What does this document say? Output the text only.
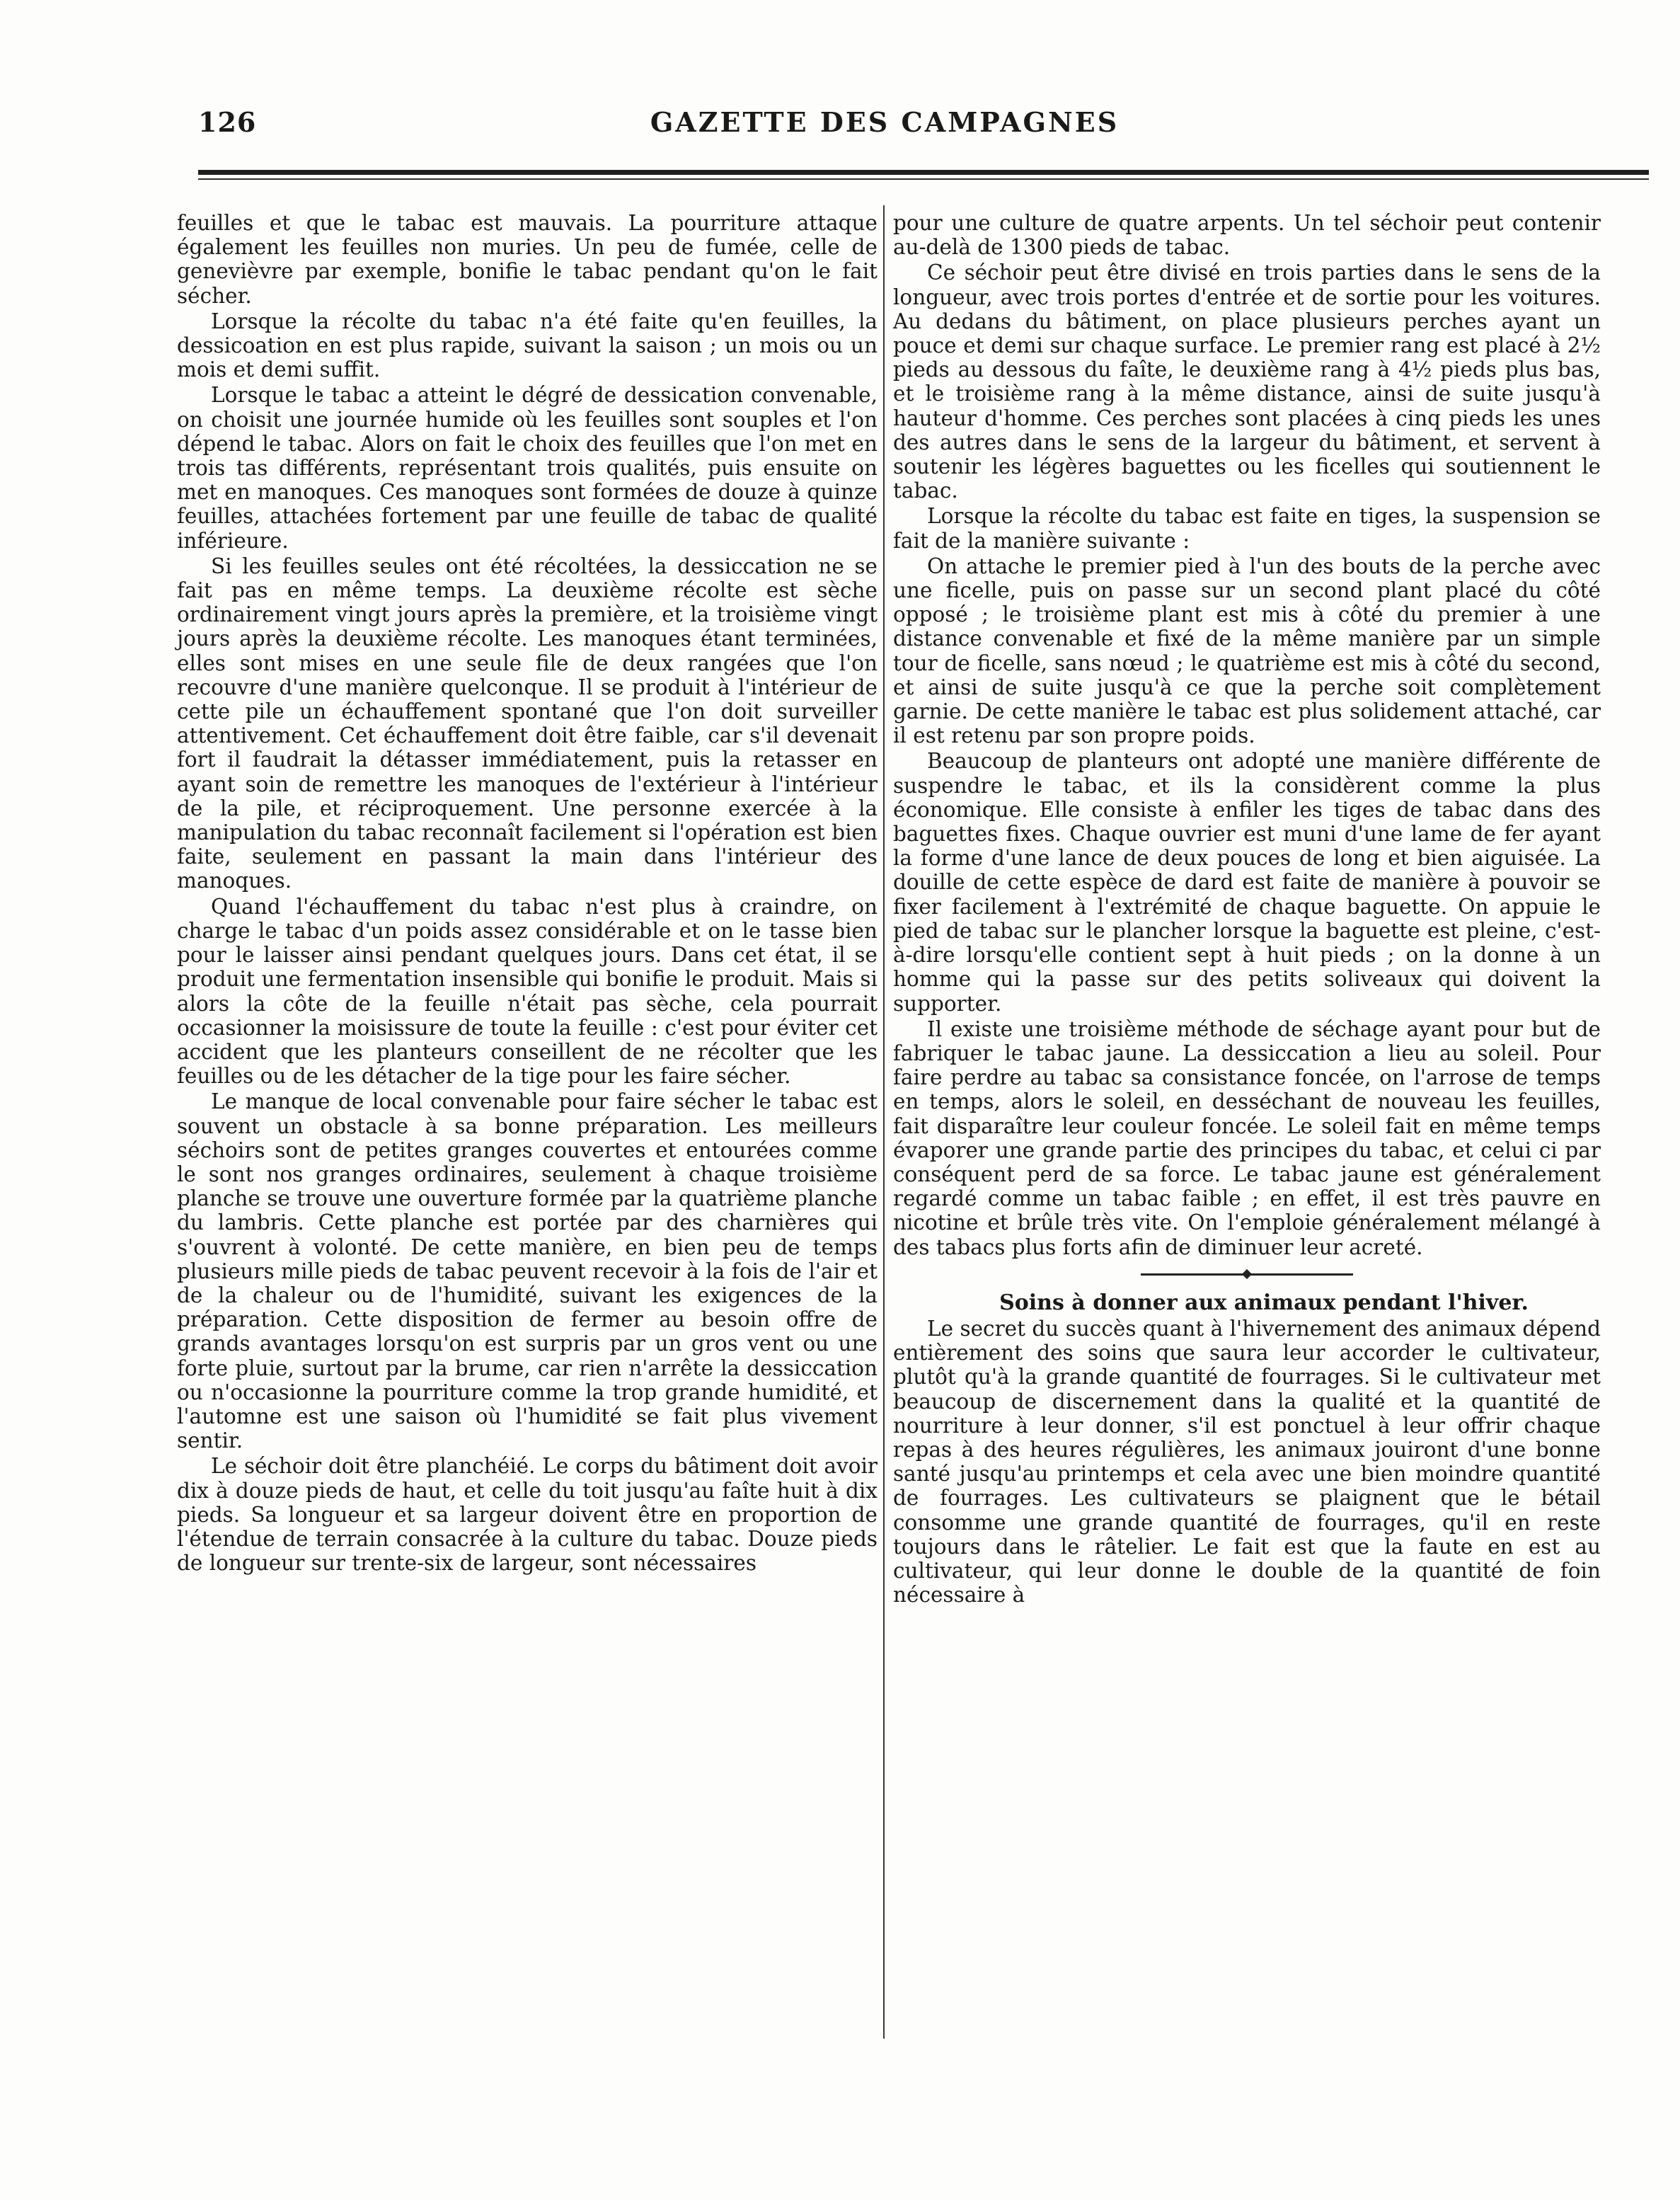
126	GAZETTE DES CAMPAGNES

feuilles et que le tabac est mauvais. La pourriture attaque également les feuilles non muries. Un peu de fumée, celle de genevièvre par exemple, bonifie le tabac pendant qu'on le fait sécher.

Lorsque la récolte du tabac n'a été faite qu'en feuilles, la dessicoation en est plus rapide, suivant la saison ; un mois ou un mois et demi suffit.

Lorsque le tabac a atteint le dégré de dessication convenable, on choisit une journée humide où les feuilles sont souples et l'on dépend le tabac. Alors on fait le choix des feuilles que l'on met en trois tas différents, représentant trois qualités, puis ensuite on met en manoques. Ces manoques sont formées de douze à quinze feuilles, attachées fortement par une feuille de tabac de qualité inférieure.

Si les feuilles seules ont été récoltées, la dessiccation ne se fait pas en même temps. La deuxième récolte est sèche ordinairement vingt jours après la première, et la troisième vingt jours après la deuxième récolte. Les manoques étant terminées, elles sont mises en une seule file de deux rangées que l'on recouvre d'une manière quelconque. Il se produit à l'intérieur de cette pile un échauffement spontané que l'on doit surveiller attentivement. Cet échauffement doit être faible, car s'il devenait fort il faudrait la détasser immédiatement, puis la retasser en ayant soin de remettre les manoques de l'extérieur à l'intérieur de la pile, et réciproquement. Une personne exercée à la manipulation du tabac reconnaît facilement si l'opération est bien faite, seulement en passant la main dans l'intérieur des manoques.

Quand l'échauffement du tabac n'est plus à craindre, on charge le tabac d'un poids assez considérable et on le tasse bien pour le laisser ainsi pendant quelques jours. Dans cet état, il se produit une fermentation insensible qui bonifie le produit. Mais si alors la côte de la feuille n'était pas sèche, cela pourrait occasionner la moisissure de toute la feuille : c'est pour éviter cet accident que les planteurs conseillent de ne récolter que les feuilles ou de les détacher de la tige pour les faire sécher.

Le manque de local convenable pour faire sécher le tabac est souvent un obstacle à sa bonne préparation. Les meilleurs séchoirs sont de petites granges couvertes et entourées comme le sont nos granges ordinaires, seulement à chaque troisième planche se trouve une ouverture formée par la quatrième planche du lambris. Cette planche est portée par des charnières qui s'ouvrent à volonté. De cette manière, en bien peu de temps plusieurs mille pieds de tabac peuvent recevoir à la fois de l'air et de la chaleur ou de l'humidité, suivant les exigences de la préparation. Cette disposition de fermer au besoin offre de grands avantages lorsqu'on est surpris par un gros vent ou une forte pluie, surtout par la brume, car rien n'arrête la dessiccation ou n'occasionne la pourriture comme la trop grande humidité, et l'automne est une saison où l'humidité se fait plus vivement sentir.

Le séchoir doit être planchéié. Le corps du bâtiment doit avoir dix à douze pieds de haut, et celle du toit jusqu'au faîte huit à dix pieds. Sa longueur et sa largeur doivent être en proportion de l'étendue de terrain consacrée à la culture du tabac. Douze pieds de longueur sur trente-six de largeur, sont nécessaires

pour une culture de quatre arpents. Un tel séchoir peut contenir au-delà de 1300 pieds de tabac.

Ce séchoir peut être divisé en trois parties dans le sens de la longueur, avec trois portes d'entrée et de sortie pour les voitures. Au dedans du bâtiment, on place plusieurs perches ayant un pouce et demi sur chaque surface. Le premier rang est placé à 2½ pieds au dessous du faîte, le deuxième rang à 4½ pieds plus bas, et le troisième rang à la même distance, ainsi de suite jusqu'à hauteur d'homme. Ces perches sont placées à cinq pieds les unes des autres dans le sens de la largeur du bâtiment, et servent à soutenir les légères baguettes ou les ficelles qui soutiennent le tabac.

Lorsque la récolte du tabac est faite en tiges, la suspension se fait de la manière suivante :

On attache le premier pied à l'un des bouts de la perche avec une ficelle, puis on passe sur un second plant placé du côté opposé ; le troisième plant est mis à côté du premier à une distance convenable et fixé de la même manière par un simple tour de ficelle, sans nœud ; le quatrième est mis à côté du second, et ainsi de suite jusqu'à ce que la perche soit complètement garnie. De cette manière le tabac est plus solidement attaché, car il est retenu par son propre poids.

Beaucoup de planteurs ont adopté une manière différente de suspendre le tabac, et ils la considèrent comme la plus économique. Elle consiste à enfiler les tiges de tabac dans des baguettes fixes. Chaque ouvrier est muni d'une lame de fer ayant la forme d'une lance de deux pouces de long et bien aiguisée. La douille de cette espèce de dard est faite de manière à pouvoir se fixer facilement à l'extrémité de chaque baguette. On appuie le pied de tabac sur le plancher lorsque la baguette est pleine, c'est-à-dire lorsqu'elle contient sept à huit pieds ; on la donne à un homme qui la passe sur des petits soliveaux qui doivent la supporter.

Il existe une troisième méthode de séchage ayant pour but de fabriquer le tabac jaune. La dessiccation a lieu au soleil. Pour faire perdre au tabac sa consistance foncée, on l'arrose de temps en temps, alors le soleil, en desséchant de nouveau les feuilles, fait disparaître leur couleur foncée. Le soleil fait en même temps évaporer une grande partie des principes du tabac, et celui ci par conséquent perd de sa force. Le tabac jaune est généralement regardé comme un tabac faible ; en effet, il est très pauvre en nicotine et brûle très vite. On l'emploie généralement mélangé à des tabacs plus forts afin de diminuer leur acreté.

Soins à donner aux animaux pendant l'hiver.

Le secret du succès quant à l'hivernement des animaux dépend entièrement des soins que saura leur accorder le cultivateur, plutôt qu'à la grande quantité de fourrages. Si le cultivateur met beaucoup de discernement dans la qualité et la quantité de nourriture à leur donner, s'il est ponctuel à leur offrir chaque repas à des heures régulières, les animaux jouiront d'une bonne santé jusqu'au printemps et cela avec une bien moindre quantité de fourrages. Les cultivateurs se plaignent que le bétail consomme une grande quantité de fourrages, qu'il en reste toujours dans le râtelier. Le fait est que la faute en est au cultivateur, qui leur donne le double de la quantité de foin nécessaire à
